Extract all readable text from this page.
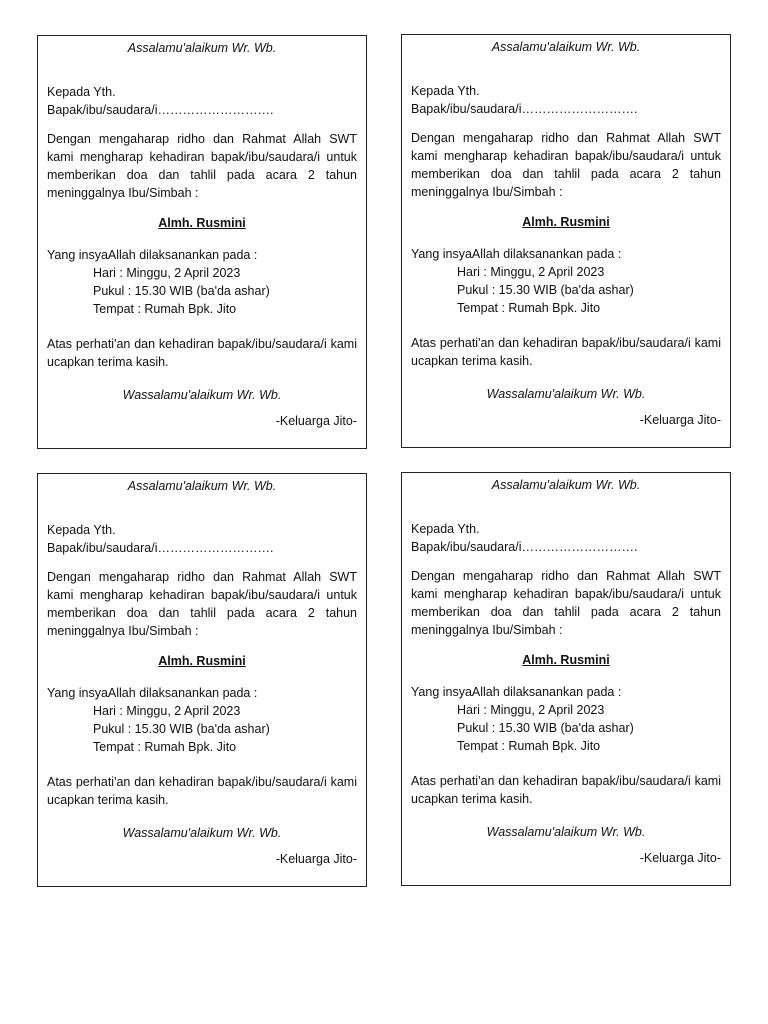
Assalamu'alaikum Wr. Wb.
Kepada Yth.
Bapak/ibu/saudara/i……………………….
Dengan mengaharap ridho dan Rahmat Allah SWT kami mengharap kehadiran bapak/ibu/saudara/i untuk memberikan doa dan tahlil pada acara 2 tahun meninggalnya Ibu/Simbah :
Almh. Rusmini
Yang insyaAllah dilaksanankan pada :
Hari : Minggu, 2 April 2023
Pukul : 15.30 WIB (ba'da ashar)
Tempat : Rumah Bpk. Jito
Atas perhati'an dan kehadiran bapak/ibu/saudara/i kami ucapkan terima kasih.
Wassalamu'alaikum Wr. Wb.
-Keluarga Jito-
Assalamu'alaikum Wr. Wb.
Kepada Yth.
Bapak/ibu/saudara/i……………………….
Dengan mengaharap ridho dan Rahmat Allah SWT kami mengharap kehadiran bapak/ibu/saudara/i untuk memberikan doa dan tahlil pada acara 2 tahun meninggalnya Ibu/Simbah :
Almh. Rusmini
Yang insyaAllah dilaksanankan pada :
Hari : Minggu, 2 April 2023
Pukul : 15.30 WIB (ba'da ashar)
Tempat : Rumah Bpk. Jito
Atas perhati'an dan kehadiran bapak/ibu/saudara/i kami ucapkan terima kasih.
Wassalamu'alaikum Wr. Wb.
-Keluarga Jito-
Assalamu'alaikum Wr. Wb.
Kepada Yth.
Bapak/ibu/saudara/i……………………….
Dengan mengaharap ridho dan Rahmat Allah SWT kami mengharap kehadiran bapak/ibu/saudara/i untuk memberikan doa dan tahlil pada acara 2 tahun meninggalnya Ibu/Simbah :
Almh. Rusmini
Yang insyaAllah dilaksanankan pada :
Hari : Minggu, 2 April 2023
Pukul : 15.30 WIB (ba'da ashar)
Tempat : Rumah Bpk. Jito
Atas perhati'an dan kehadiran bapak/ibu/saudara/i kami ucapkan terima kasih.
Wassalamu'alaikum Wr. Wb.
-Keluarga Jito-
Assalamu'alaikum Wr. Wb.
Kepada Yth.
Bapak/ibu/saudara/i……………………….
Dengan mengaharap ridho dan Rahmat Allah SWT kami mengharap kehadiran bapak/ibu/saudara/i untuk memberikan doa dan tahlil pada acara 2 tahun meninggalnya Ibu/Simbah :
Almh. Rusmini
Yang insyaAllah dilaksanankan pada :
Hari : Minggu, 2 April 2023
Pukul : 15.30 WIB (ba'da ashar)
Tempat : Rumah Bpk. Jito
Atas perhati'an dan kehadiran bapak/ibu/saudara/i kami ucapkan terima kasih.
Wassalamu'alaikum Wr. Wb.
-Keluarga Jito-
